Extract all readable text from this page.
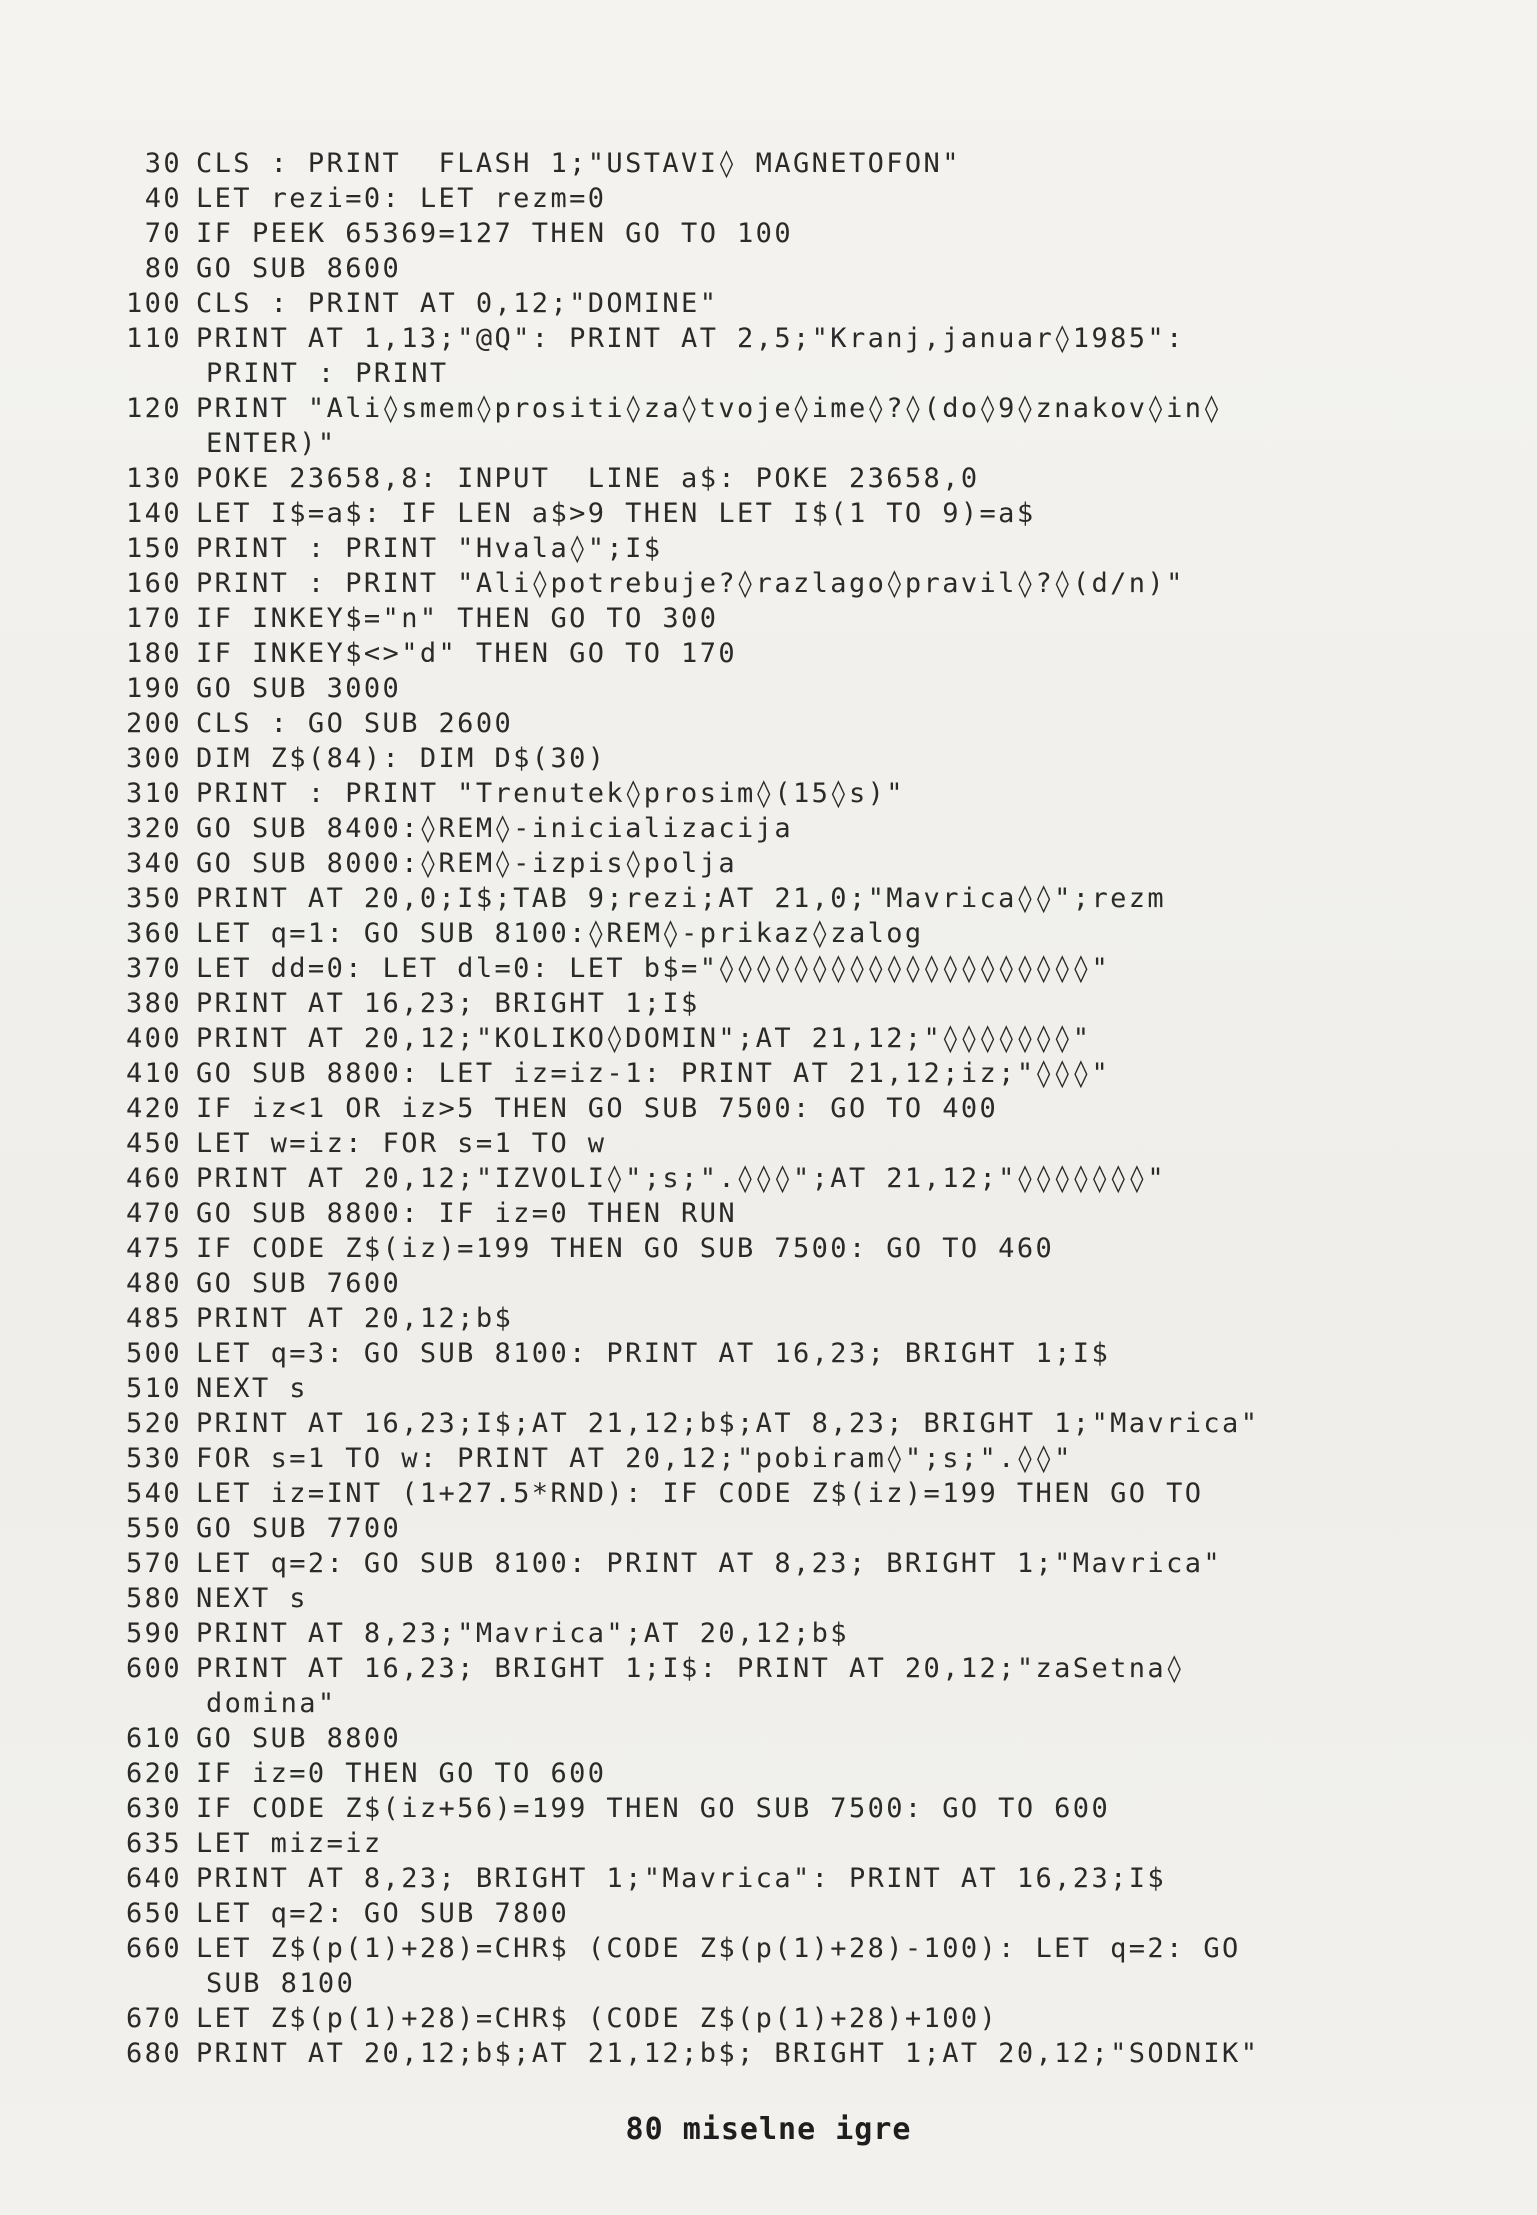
30 CLS : PRINT  FLASH 1;"USTAVI◊ MAGNETOFON"
40 LET rezi=0: LET rezm=0
70 IF PEEK 65369=127 THEN GO TO 100
80 GO SUB 8600
100 CLS : PRINT AT 0,12;"DOMINE"
110 PRINT AT 1,13;"@Q": PRINT AT 2,5;"Kranj,januar◊1985":
PRINT : PRINT
120 PRINT "Ali◊smem◊prositi◊za◊tvoje◊ime◊?◊(do◊9◊znakov◊in◊
ENTER)"
130 POKE 23658,8: INPUT  LINE a$: POKE 23658,0
140 LET I$=a$: IF LEN a$>9 THEN LET I$(1 TO 9)=a$
150 PRINT : PRINT "Hvala◊";I$
160 PRINT : PRINT "Ali◊potrebuje?◊razlago◊pravil◊?◊(d/n)"
170 IF INKEY$="n" THEN GO TO 300
180 IF INKEY$<>"d" THEN GO TO 170
190 GO SUB 3000
200 CLS : GO SUB 2600
300 DIM Z$(84): DIM D$(30)
310 PRINT : PRINT "Trenutek◊prosim◊(15◊s)"
320 GO SUB 8400:◊REM◊-inicializacija
340 GO SUB 8000:◊REM◊-izpis◊polja
350 PRINT AT 20,0;I$;TAB 9;rezi;AT 21,0;"Mavrica◊◊";rezm
360 LET q=1: GO SUB 8100:◊REM◊-prikaz◊zalog
370 LET dd=0: LET dl=0: LET b$="◊◊◊◊◊◊◊◊◊◊◊◊◊◊◊◊◊◊◊◊"
380 PRINT AT 16,23; BRIGHT 1;I$
400 PRINT AT 20,12;"KOLIKO◊DOMIN";AT 21,12;"◊◊◊◊◊◊◊"
410 GO SUB 8800: LET iz=iz-1: PRINT AT 21,12;iz;"◊◊◊"
420 IF iz<1 OR iz>5 THEN GO SUB 7500: GO TO 400
450 LET w=iz: FOR s=1 TO w
460 PRINT AT 20,12;"IZVOLI◊";s;".◊◊◊";AT 21,12;"◊◊◊◊◊◊◊"
470 GO SUB 8800: IF iz=0 THEN RUN
475 IF CODE Z$(iz)=199 THEN GO SUB 7500: GO TO 460
480 GO SUB 7600
485 PRINT AT 20,12;b$
500 LET q=3: GO SUB 8100: PRINT AT 16,23; BRIGHT 1;I$
510 NEXT s
520 PRINT AT 16,23;I$;AT 21,12;b$;AT 8,23; BRIGHT 1;"Mavrica"
530 FOR s=1 TO w: PRINT AT 20,12;"pobiram◊";s;".◊◊"
540 LET iz=INT (1+27.5*RND): IF CODE Z$(iz)=199 THEN GO TO
550 GO SUB 7700
570 LET q=2: GO SUB 8100: PRINT AT 8,23; BRIGHT 1;"Mavrica"
580 NEXT s
590 PRINT AT 8,23;"Mavrica";AT 20,12;b$
600 PRINT AT 16,23; BRIGHT 1;I$: PRINT AT 20,12;"zaSetna◊
domina"
610 GO SUB 8800
620 IF iz=0 THEN GO TO 600
630 IF CODE Z$(iz+56)=199 THEN GO SUB 7500: GO TO 600
635 LET miz=iz
640 PRINT AT 8,23; BRIGHT 1;"Mavrica": PRINT AT 16,23;I$
650 LET q=2: GO SUB 7800
660 LET Z$(p(1)+28)=CHR$ (CODE Z$(p(1)+28)-100): LET q=2: GO
SUB 8100
670 LET Z$(p(1)+28)=CHR$ (CODE Z$(p(1)+28)+100)
680 PRINT AT 20,12;b$;AT 21,12;b$; BRIGHT 1;AT 20,12;"SODNIK"
80 miselne igre
